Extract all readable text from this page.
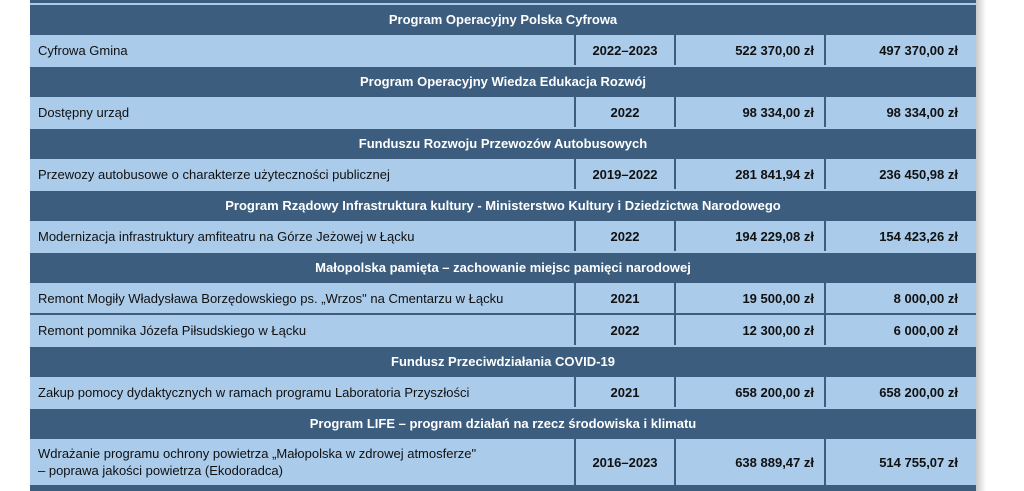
Program Operacyjny Polska Cyfrowa
Cyfrowa Gmina	2022–2023	522 370,00 zł	497 370,00 zł
Program Operacyjny Wiedza Edukacja Rozwój
Dostępny urząd	2022	98 334,00 zł	98 334,00 zł
Funduszu Rozwoju Przewozów Autobusowych
Przewozy autobusowe o charakterze użyteczności publicznej	2019–2022	281 841,94 zł	236 450,98 zł
Program Rządowy Infrastruktura kultury - Ministerstwo Kultury i Dziedzictwa Narodowego
Modernizacja infrastruktury amfiteatru na Górze Jeżowej w Łącku	2022	194 229,08 zł	154 423,26 zł
Małopolska pamięta – zachowanie miejsc pamięci narodowej
Remont Mogiły Władysława Borzędowskiego ps. „Wrzos" na Cmentarzu w Łącku	2021	19 500,00 zł	8 000,00 zł
Remont pomnika Józefa Piłsudskiego w Łącku	2022	12 300,00 zł	6 000,00 zł
Fundusz Przeciwdziałania COVID-19
Zakup pomocy dydaktycznych w ramach programu Laboratoria Przyszłości	2021	658 200,00 zł	658 200,00 zł
Program LIFE – program działań na rzecz środowiska i klimatu
Wdrażanie programu ochrony powietrza „Małopolska w zdrowej atmosferze"
– poprawa jakości powietrza (Ekodoradca)
2016–2023	638 889,47 zł	514 755,07 zł
